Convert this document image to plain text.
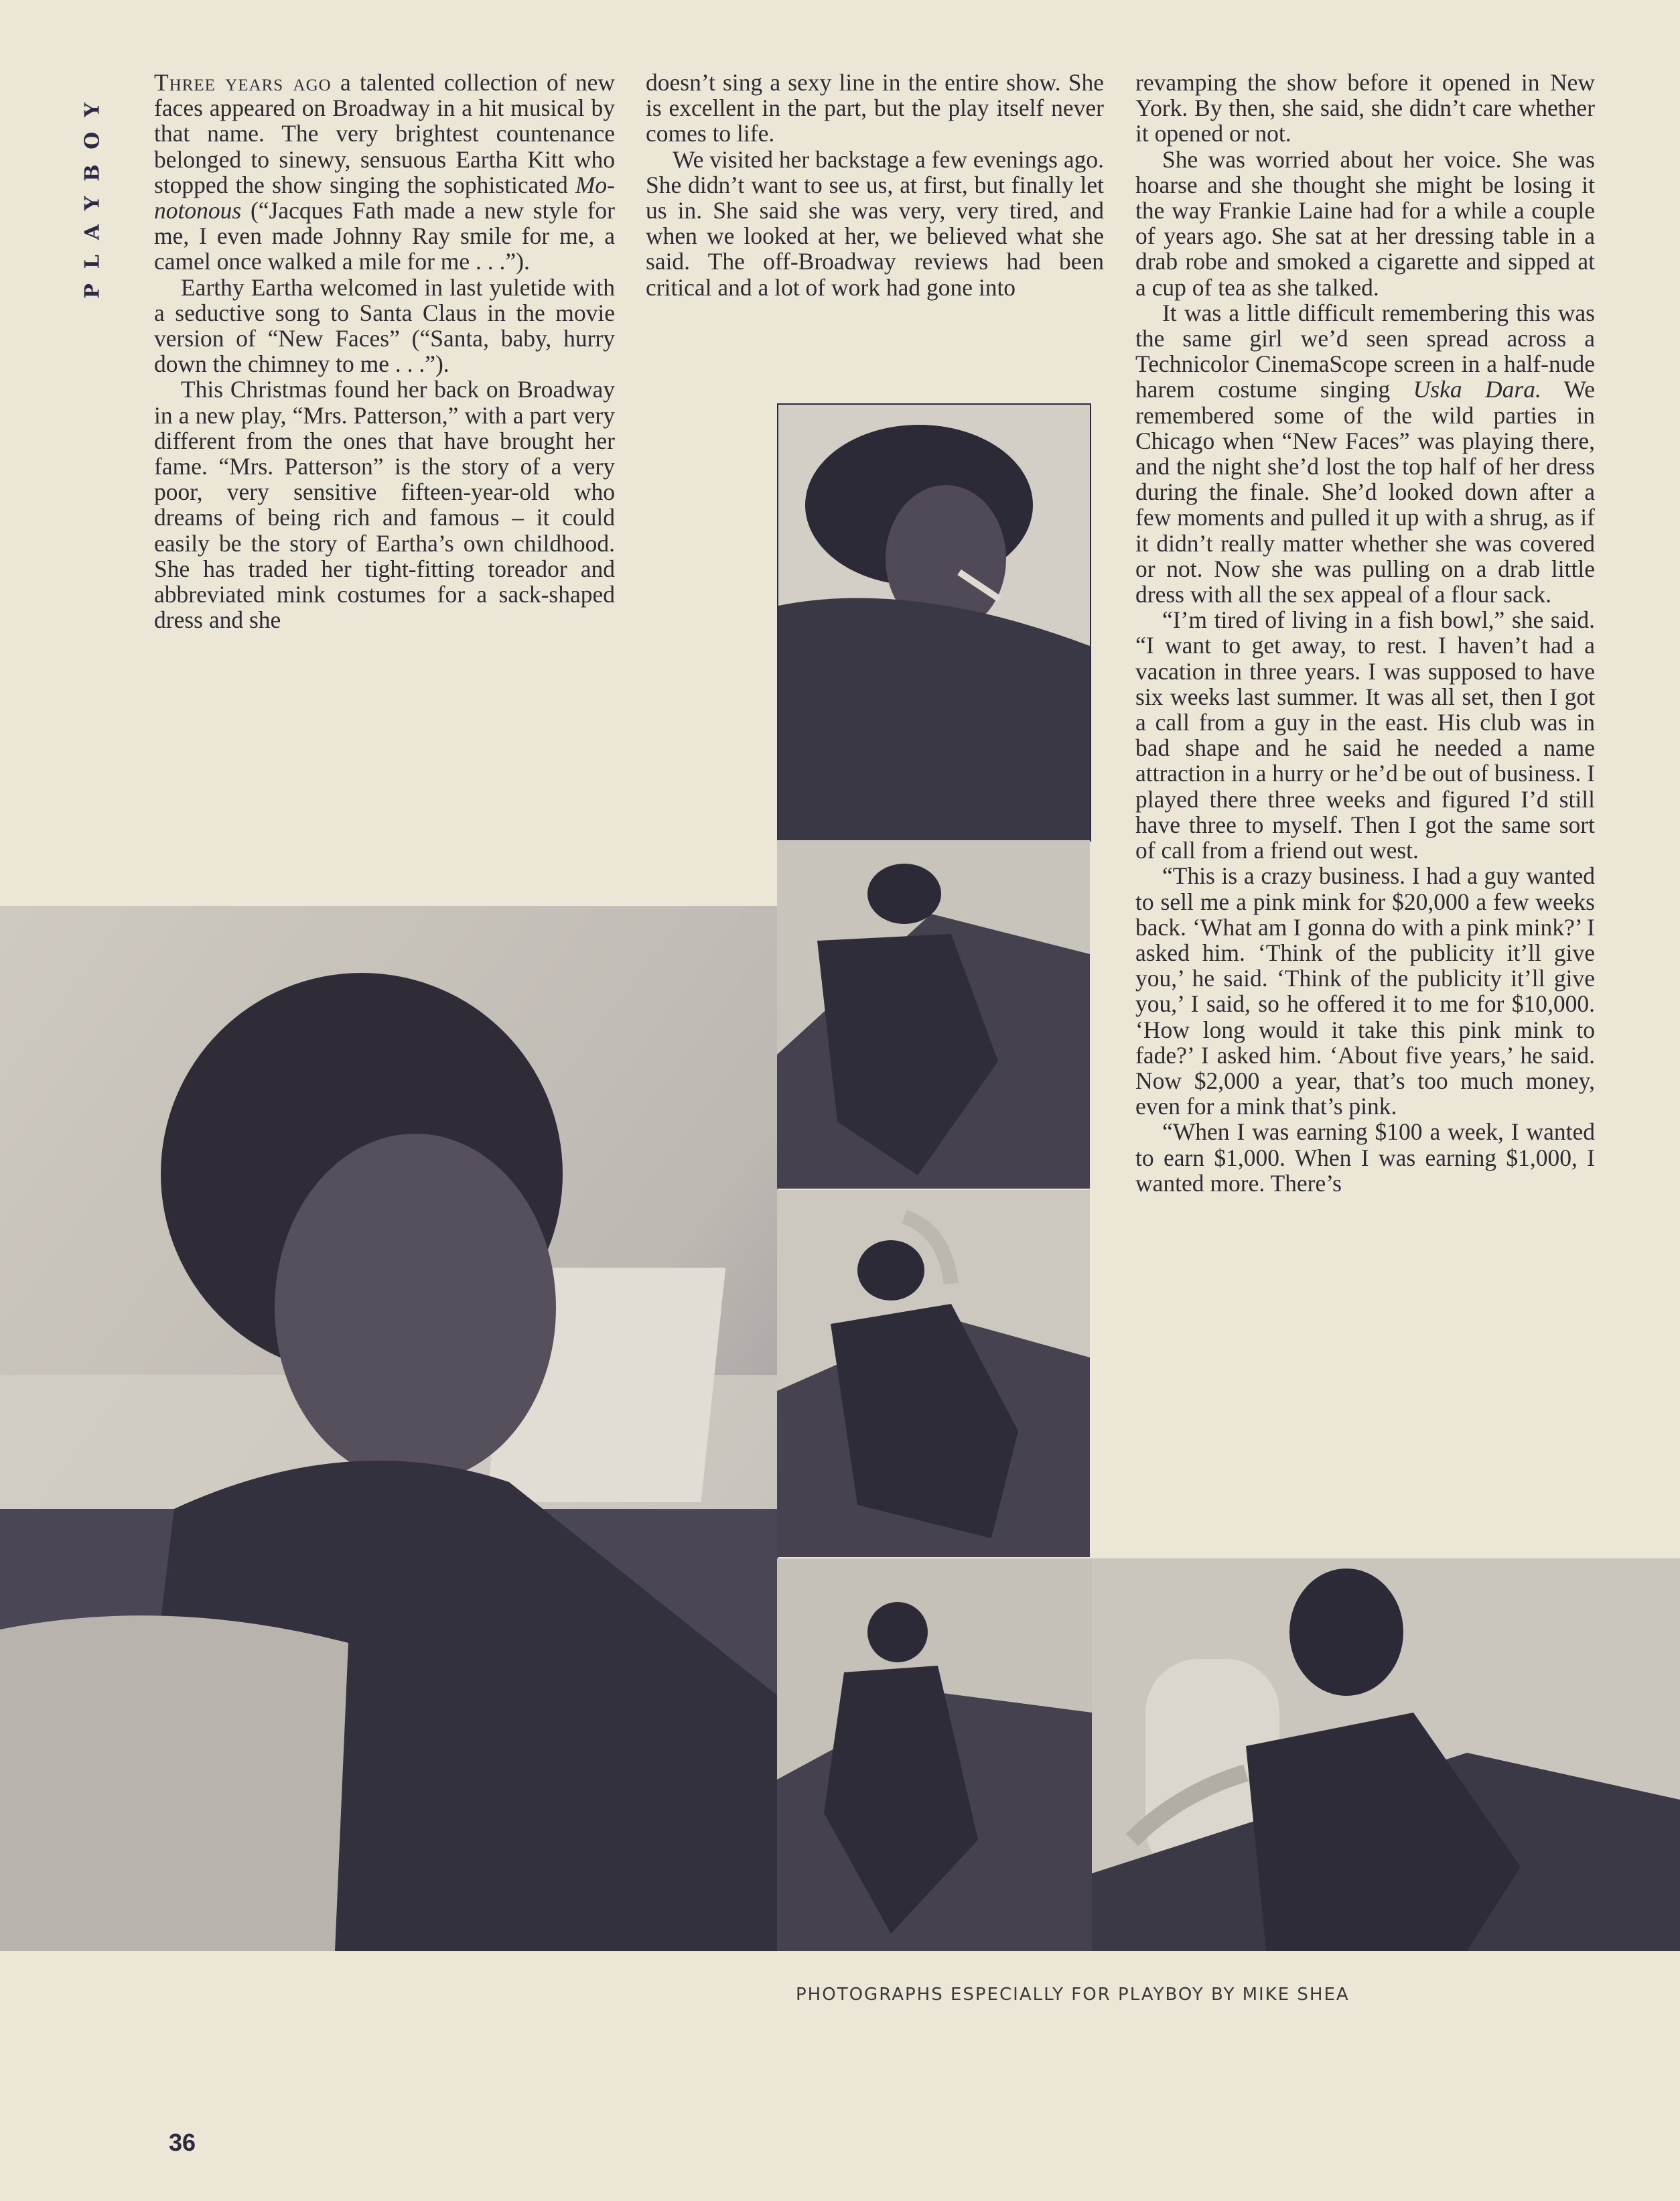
PLAYBOY

Three years ago a talented collection of new faces appeared on Broadway in a hit musical by that name. The very brightest countenance belonged to sinewy, sensuous Eartha Kitt who stopped the show singing the sophisticated Monotonous (“Jacques Fath made a new style for me, I even made Johnny Ray smile for me, a camel once walked a mile for me . . .”).

Earthy Eartha welcomed in last yuletide with a seductive song to Santa Claus in the movie version of “New Faces” (“Santa, baby, hurry down the chimney to me . . .”).

This Christmas found her back on Broadway in a new play, “Mrs. Patterson,” with a part very different from the ones that have brought her fame. “Mrs. Patterson” is the story of a very poor, very sensitive fifteen-year-old who dreams of being rich and famous – it could easily be the story of Eartha’s own childhood. She has traded her tight-fitting toreador and abbreviated mink costumes for a sack-shaped dress and she

doesn’t sing a sexy line in the entire show. She is excellent in the part, but the play itself never comes to life.

We visited her backstage a few evenings ago. She didn’t want to see us, at first, but finally let us in. She said she was very, very tired, and when we looked at her, we believed what she said. The off-Broadway reviews had been critical and a lot of work had gone into

revamping the show before it opened in New York. By then, she said, she didn’t care whether it opened or not.

She was worried about her voice. She was hoarse and she thought she might be losing it the way Frankie Laine had for a while a couple of years ago. She sat at her dressing table in a drab robe and smoked a cigarette and sipped at a cup of tea as she talked.

It was a little difficult remembering this was the same girl we’d seen spread across a Technicolor CinemaScope screen in a half-nude harem costume singing Uska Dara. We remembered some of the wild parties in Chicago when “New Faces” was playing there, and the night she’d lost the top half of her dress during the finale. She’d looked down after a few moments and pulled it up with a shrug, as if it didn’t really matter whether she was covered or not. Now she was pulling on a drab little dress with all the sex appeal of a flour sack.

“I’m tired of living in a fish bowl,” she said. “I want to get away, to rest. I haven’t had a vacation in three years. I was supposed to have six weeks last summer. It was all set, then I got a call from a guy in the east. His club was in bad shape and he said he needed a name attraction in a hurry or he’d be out of business. I played there three weeks and figured I’d still have three to myself. Then I got the same sort of call from a friend out west.

“This is a crazy business. I had a guy wanted to sell me a pink mink for $20,000 a few weeks back. ‘What am I gonna do with a pink mink?’ I asked him. ‘Think of the publicity it’ll give you,’ he said. ‘Think of the publicity it’ll give you,’ I said, so he offered it to me for $10,000. ‘How long would it take this pink mink to fade?’ I asked him. ‘About five years,’ he said. Now $2,000 a year, that’s too much money, even for a mink that’s pink.

“When I was earning $100 a week, I wanted to earn $1,000. When I was earning $1,000, I wanted more. There’s

PHOTOGRAPHS ESPECIALLY FOR PLAYBOY BY MIKE SHEA
36
